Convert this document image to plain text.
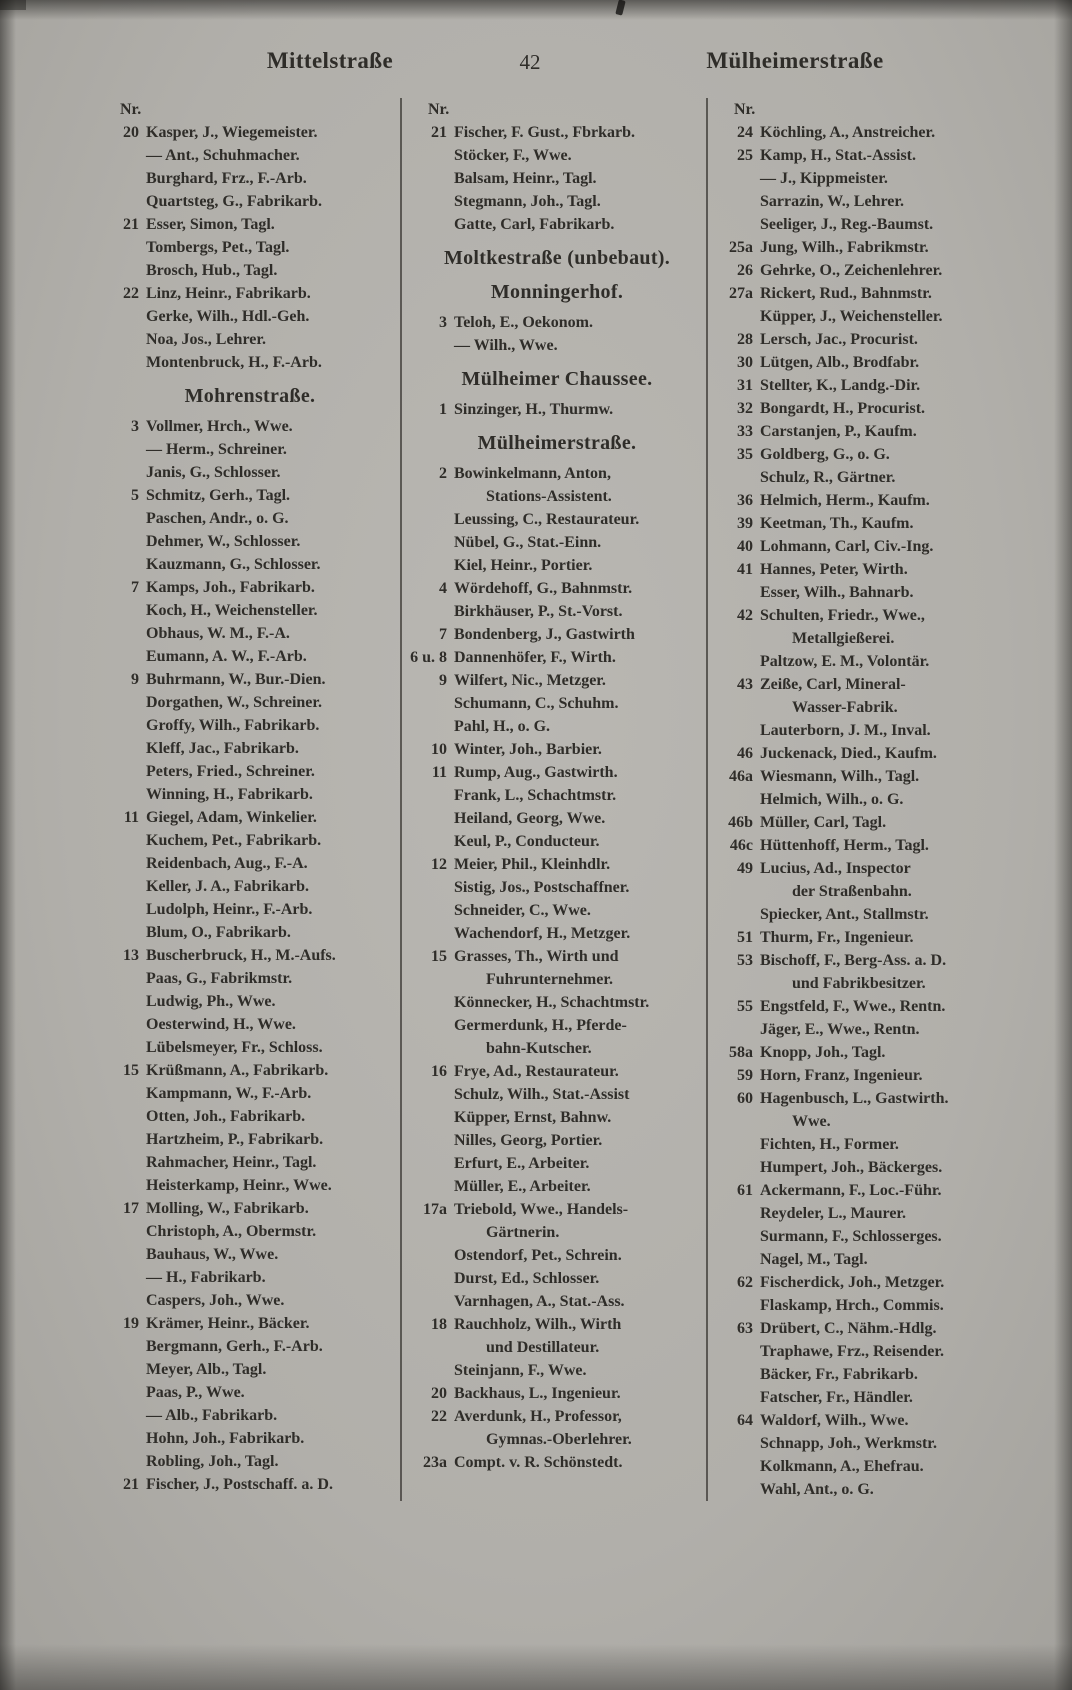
Mittelstraße	42	Mülheimerstraße
Nr.
20 Kasper, J., Wiegemeister.
— Ant., Schuhmacher.
Burghard, Frz., F.-Arb.
Quartsteg, G., Fabrikarb.
21 Esser, Simon, Tagl.
Tombergs, Pet., Tagl.
Brosch, Hub., Tagl.
22 Linz, Heinr., Fabrikarb.
Gerke, Wilh., Hdl.-Geh.
Noa, Jos., Lehrer.
Montenbruck, H., F.-Arb.
Mohrenstraße.
3 Vollmer, Hrch., Wwe.
— Herm., Schreiner.
Janis, G., Schlosser.
5 Schmitz, Gerh., Tagl.
Paschen, Andr., o. G.
Dehmer, W., Schlosser.
Kauzmann, G., Schlosser.
7 Kamps, Joh., Fabrikarb.
Koch, H., Weichensteller.
Obhaus, W. M., F.-A.
Eumann, A. W., F.-Arb.
9 Buhrmann, W., Bur.-Dien.
Dorgathen, W., Schreiner.
Groffy, Wilh., Fabrikarb.
Kleff, Jac., Fabrikarb.
Peters, Fried., Schreiner.
Winning, H., Fabrikarb.
11 Giegel, Adam, Winkelier.
Kuchem, Pet., Fabrikarb.
Reidenbach, Aug., F.-A.
Keller, J. A., Fabrikarb.
Ludolph, Heinr., F.-Arb.
Blum, O., Fabrikarb.
13 Buscherbruck, H., M.-Aufs.
Paas, G., Fabrikmstr.
Ludwig, Ph., Wwe.
Oesterwind, H., Wwe.
Lübelsmeyer, Fr., Schloss.
15 Krüßmann, A., Fabrikarb.
Kampmann, W., F.-Arb.
Otten, Joh., Fabrikarb.
Hartzheim, P., Fabrikarb.
Rahmacher, Heinr., Tagl.
Heisterkamp, Heinr., Wwe.
17 Molling, W., Fabrikarb.
Christoph, A., Obermstr.
Bauhaus, W., Wwe.
— H., Fabrikarb.
Caspers, Joh., Wwe.
19 Krämer, Heinr., Bäcker.
Bergmann, Gerh., F.-Arb.
Meyer, Alb., Tagl.
Paas, P., Wwe.
— Alb., Fabrikarb.
Hohn, Joh., Fabrikarb.
Robling, Joh., Tagl.
21 Fischer, J., Postschaff. a. D.
Nr.
21 Fischer, F. Gust., Fbrkarb.
Stöcker, F., Wwe.
Balsam, Heinr., Tagl.
Stegmann, Joh., Tagl.
Gatte, Carl, Fabrikarb.
Moltkestraße (unbebaut).
Monningerhof.
3 Teloh, E., Oekonom.
— Wilh., Wwe.
Mülheimer Chaussee.
1 Sinzinger, H., Thurmw.
Mülheimerstraße.
2 Bowinkelmann, Anton,
Stations-Assistent.
Leussing, C., Restaurateur.
Nübel, G., Stat.-Einn.
Kiel, Heinr., Portier.
4 Wördehoff, G., Bahnmstr.
Birkhäuser, P., St.-Vorst.
7 Bondenberg, J., Gastwirth
6 u. 8 Dannenhöfer, F., Wirth.
9 Wilfert, Nic., Metzger.
Schumann, C., Schuhm.
Pahl, H., o. G.
10 Winter, Joh., Barbier.
11 Rump, Aug., Gastwirth.
Frank, L., Schachtmstr.
Heiland, Georg, Wwe.
Keul, P., Conducteur.
12 Meier, Phil., Kleinhdlr.
Sistig, Jos., Postschaffner.
Schneider, C., Wwe.
Wachendorf, H., Metzger.
15 Grasses, Th., Wirth und
Fuhrunternehmer.
Könnecker, H., Schachtmstr.
Germerdunk, H., Pferde-
bahn-Kutscher.
16 Frye, Ad., Restaurateur.
Schulz, Wilh., Stat.-Assist
Küpper, Ernst, Bahnw.
Nilles, Georg, Portier.
Erfurt, E., Arbeiter.
Müller, E., Arbeiter.
17a Triebold, Wwe., Handels-
Gärtnerin.
Ostendorf, Pet., Schrein.
Durst, Ed., Schlosser.
Varnhagen, A., Stat.-Ass.
18 Rauchholz, Wilh., Wirth
und Destillateur.
Steinjann, F., Wwe.
20 Backhaus, L., Ingenieur.
22 Averdunk, H., Professor,
Gymnas.-Oberlehrer.
23a Compt. v. R. Schönstedt.
Nr.
24 Köchling, A., Anstreicher.
25 Kamp, H., Stat.-Assist.
— J., Kippmeister.
Sarrazin, W., Lehrer.
Seeliger, J., Reg.-Baumst.
25a Jung, Wilh., Fabrikmstr.
26 Gehrke, O., Zeichenlehrer.
27a Rickert, Rud., Bahnmstr.
Küpper, J., Weichensteller.
28 Lersch, Jac., Procurist.
30 Lütgen, Alb., Brodfabr.
31 Stellter, K., Landg.-Dir.
32 Bongardt, H., Procurist.
33 Carstanjen, P., Kaufm.
35 Goldberg, G., o. G.
Schulz, R., Gärtner.
36 Helmich, Herm., Kaufm.
39 Keetman, Th., Kaufm.
40 Lohmann, Carl, Civ.-Ing.
41 Hannes, Peter, Wirth.
Esser, Wilh., Bahnarb.
42 Schulten, Friedr., Wwe.,
Metallgießerei.
Paltzow, E. M., Volontär.
43 Zeiße, Carl, Mineral-
Wasser-Fabrik.
Lauterborn, J. M., Inval.
46 Juckenack, Died., Kaufm.
46a Wiesmann, Wilh., Tagl.
Helmich, Wilh., o. G.
46b Müller, Carl, Tagl.
46c Hüttenhoff, Herm., Tagl.
49 Lucius, Ad., Inspector
der Straßenbahn.
Spiecker, Ant., Stallmstr.
51 Thurm, Fr., Ingenieur.
53 Bischoff, F., Berg-Ass. a. D.
und Fabrikbesitzer.
55 Engstfeld, F., Wwe., Rentn.
Jäger, E., Wwe., Rentn.
58a Knopp, Joh., Tagl.
59 Horn, Franz, Ingenieur.
60 Hagenbusch, L., Gastwirth.
Wwe.
Fichten, H., Former.
Humpert, Joh., Bäckerges.
61 Ackermann, F., Loc.-Führ.
Reydeler, L., Maurer.
Surmann, F., Schlosserges.
Nagel, M., Tagl.
62 Fischerdick, Joh., Metzger.
Flaskamp, Hrch., Commis.
63 Drübert, C., Nähm.-Hdlg.
Traphawe, Frz., Reisender.
Bäcker, Fr., Fabrikarb.
Fatscher, Fr., Händler.
64 Waldorf, Wilh., Wwe.
Schnapp, Joh., Werkmstr.
Kolkmann, A., Ehefrau.
Wahl, Ant., o. G.
